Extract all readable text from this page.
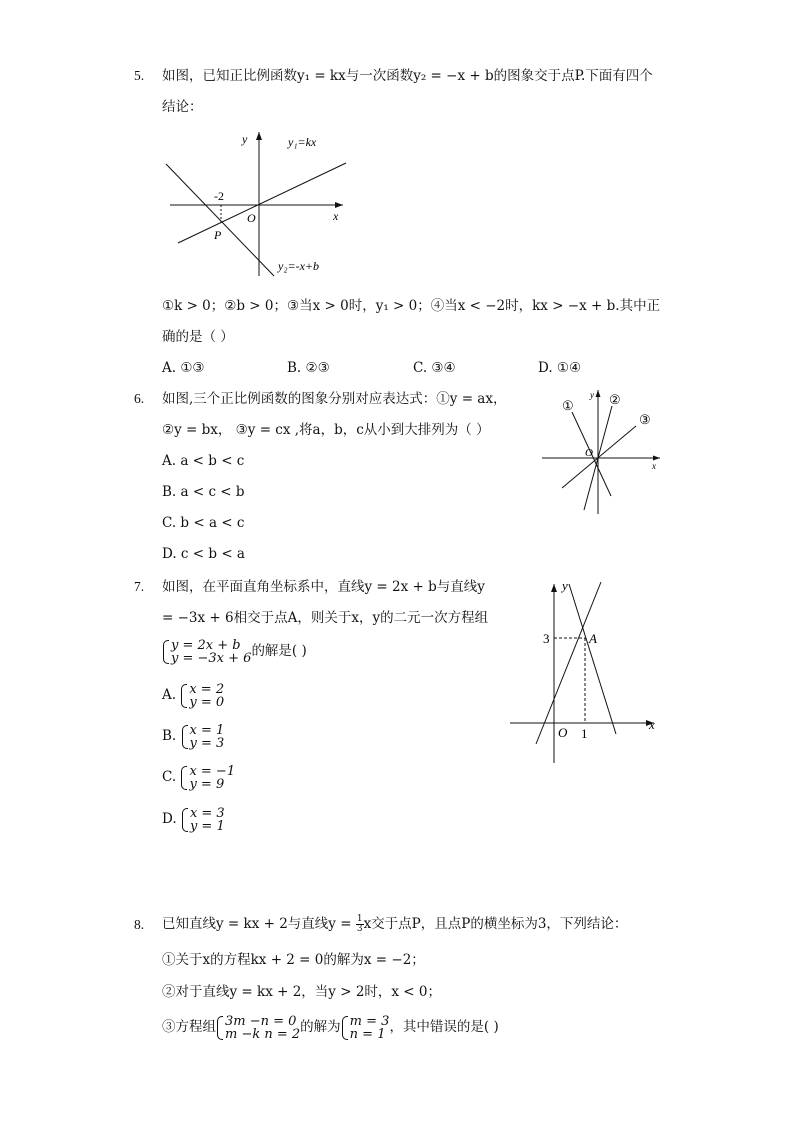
5. 如图，已知正比例函数y₁ = kx与一次函数y₂ = −x + b的图象交于点P.下面有四个
结论：
y
x
O
-2
P
y₁=kx
y₂=-x+b
①k > 0；②b > 0；③当x > 0时，y₁ > 0；④当x < −2时，kx > −x + b.其中正
确的是（ ）
A. ①③	B. ②③	C. ③④	D. ①④
6. 如图,三个正比例函数的图象分别对应表达式：①y = ax，
②y = bx， ③y = cx ,将a，b，c从小到大排列为（ ）
A. a < b < c
B. a < c < b
C. b < a < c
D. c < b < a
y
x
O
①	②
③
7. 如图，在平面直角坐标系中，直线y = 2x + b与直线y
= −3x + 6相交于点A，则关于x，y的二元一次方程组
y = 2x + b
y = −3x + 6 的解是( )
A. x = 2
y = 0
B. x = 1
y = 3
C. x = −1
y = 9
D. x = 3
y = 1
y
x
O
3
1
A
8. 已知直线y = kx + 2与直线$y = \frac{1}{3}$ x交于点P，且点P的横坐标为3，下列结论：
①关于x的方程kx + 2 = 0的解为x = −2；
②对于直线y = kx + 2，当y > 2时，x < 0；
③方程组 3m −n = 0
m −k n = 2 的解为 m = 3
n = 1 ，其中错误的是( )
